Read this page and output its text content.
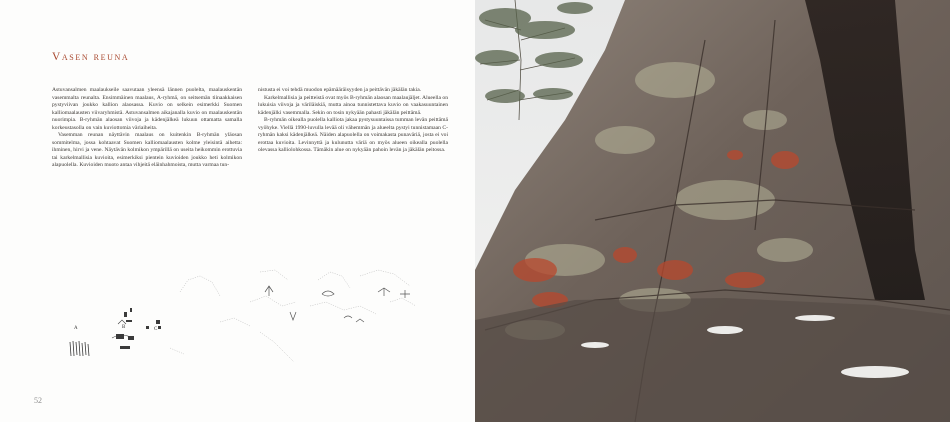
Vasen reuna

Astuvansalmen maalaukseile saavutaan yleensä lännen puolelta, maalauskentän vasemmalta reunalta. Ensimmäinen maalaus, A-ryhmä, on seitsemän tiinaakkaisen pystyviivan joukko kallion alaosassa. Kuvio on selkein esimerkki Suomen kalliomaalausten viivaryhmistä. Astuvansalmen aikajanalla kuvio on maalauskentän nuorimpia. B-ryhmän alaosan viivoja ja kädenjälkeä lukuun ottamatta samalla korkeustasolla on vain kuviottomia väriaiheita.

Vasemman reunan näyttävin maalaus on kuitenkin B-ryhmän yläosan sommitelma, jossa kohtaavat Suomen kalliomaalausten kolme yleisintä aihetta: ihminen, hirvi ja vene. Näytävän kolmikon ympärillä on useita heikommin erottuvia tai karkelmallisia kuvioita, esimerkiksi pientein kuvioiden joukko heti kolmikon alapuolella. Kuvioiden muoto antaa vihjeitä eläinhahmoista, mutta varmaa tun-

nistusta ei voi tehdä muodon epämääräisyyden ja peittävän jäkälän takia.

Karkelmallisia ja peitteistä ovat myös B-ryhmän alaosan maalaujäljet. Alueella on lukuisia viivoja ja väriläiskiä, mutta ainoa tunnistettava kuvio on vaakasuuntainen kädenjälki vasemmalla. Sekin on tosin nykyään pahasti jäkälän peittämä.

B-ryhmän oikealla puolella kalliota jakaa pystysuuntaissa tumman levän peittämä vyöhyke. Viellä 1990-luvulla levää oli vähemmän ja alueelta pystyi tunnistamaan C-ryhmän kaksi kädenjälkeä. Näiden alapuolella on voimakasta punaväriä, josta ei voi erottaa kuvioita. Levinnyttä ja kulunutta väriä on myös alueen oikealla puolella olevassa kalliolohkossa. Tämäkin alue on nykyään pahoin levän ja jäkälän peitossa.

A	B	C

52
